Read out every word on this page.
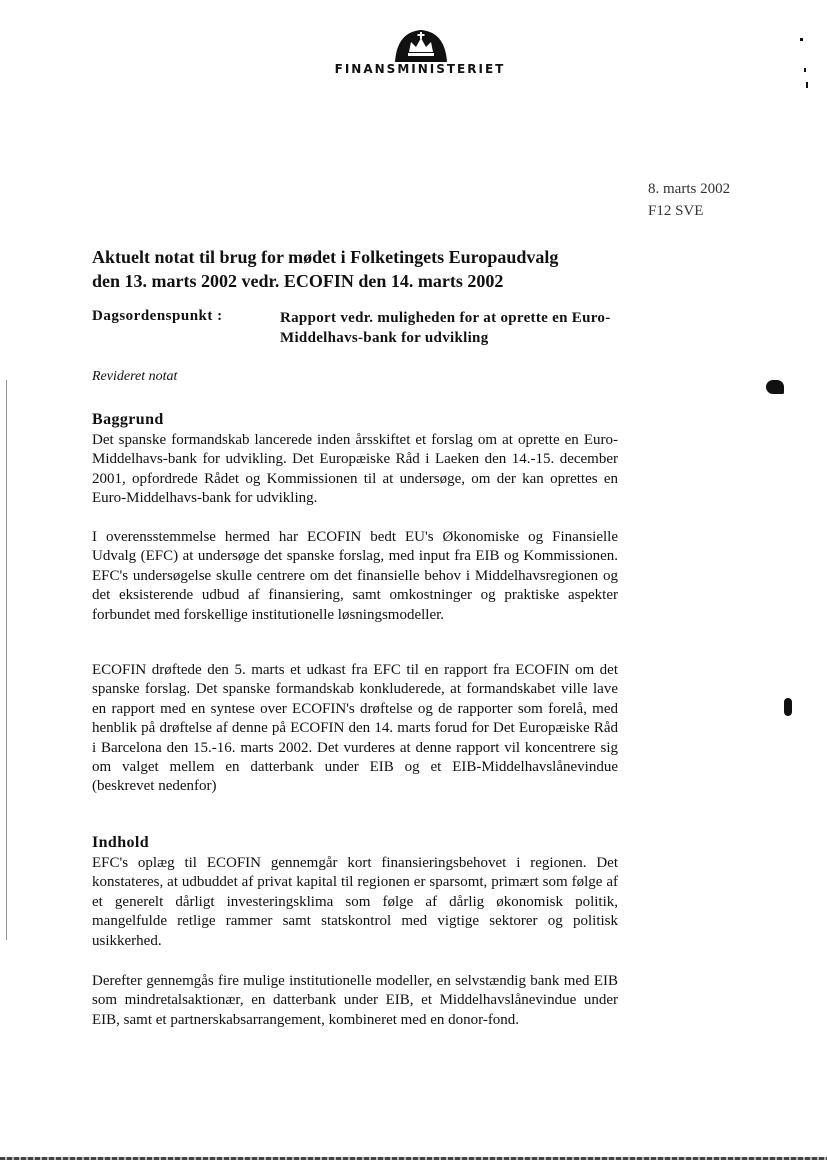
FINANSMINISTERIET
8. marts 2002
F12 SVE
Aktuelt notat til brug for mødet i Folketingets Europaudvalg
den 13. marts 2002 vedr. ECOFIN den 14. marts 2002
Dagsordenspunkt :	Rapport vedr. muligheden for at oprette en Euro-Middelhavs-bank for udvikling
Revideret notat
Baggrund

Det spanske formandskab lancerede inden årsskiftet et forslag om at oprette en Euro-Middelhavs-bank for udvikling. Det Europæiske Råd i Laeken den 14.-15. december 2001, opfordrede Rådet og Kommissionen til at undersøge, om der kan oprettes en Euro-Middelhavs-bank for udvikling.

I overensstemmelse hermed har ECOFIN bedt EU's Økonomiske og Finansielle Udvalg (EFC) at undersøge det spanske forslag, med input fra EIB og Kommissionen. EFC's undersøgelse skulle centrere om det finansielle behov i Middelhavsregionen og det eksisterende udbud af finansiering, samt omkostninger og praktiske aspekter forbundet med forskellige institutionelle løsningsmodeller.

ECOFIN drøftede den 5. marts et udkast fra EFC til en rapport fra ECOFIN om det spanske forslag. Det spanske formandskab konkluderede, at formandskabet ville lave en rapport med en syntese over ECOFIN's drøftelse og de rapporter som forelå, med henblik på drøftelse af denne på ECOFIN den 14. marts forud for Det Europæiske Råd i Barcelona den 15.-16. marts 2002. Det vurderes at denne rapport vil koncentrere sig om valget mellem en datterbank under EIB og et EIB-Middelhavslånevindue (beskrevet nedenfor)

Indhold

EFC's oplæg til ECOFIN gennemgår kort finansieringsbehovet i regionen. Det konstateres, at udbuddet af privat kapital til regionen er sparsomt, primært som følge af et generelt dårligt investeringsklima som følge af dårlig økonomisk politik, mangelfulde retlige rammer samt statskontrol med vigtige sektorer og politisk usikkerhed.

Derefter gennemgås fire mulige institutionelle modeller, en selvstændig bank med EIB som mindretalsaktionær, en datterbank under EIB, et Middelhavslånevindue under EIB, samt et partnerskabsarrangement, kombineret med en donor-fond.
